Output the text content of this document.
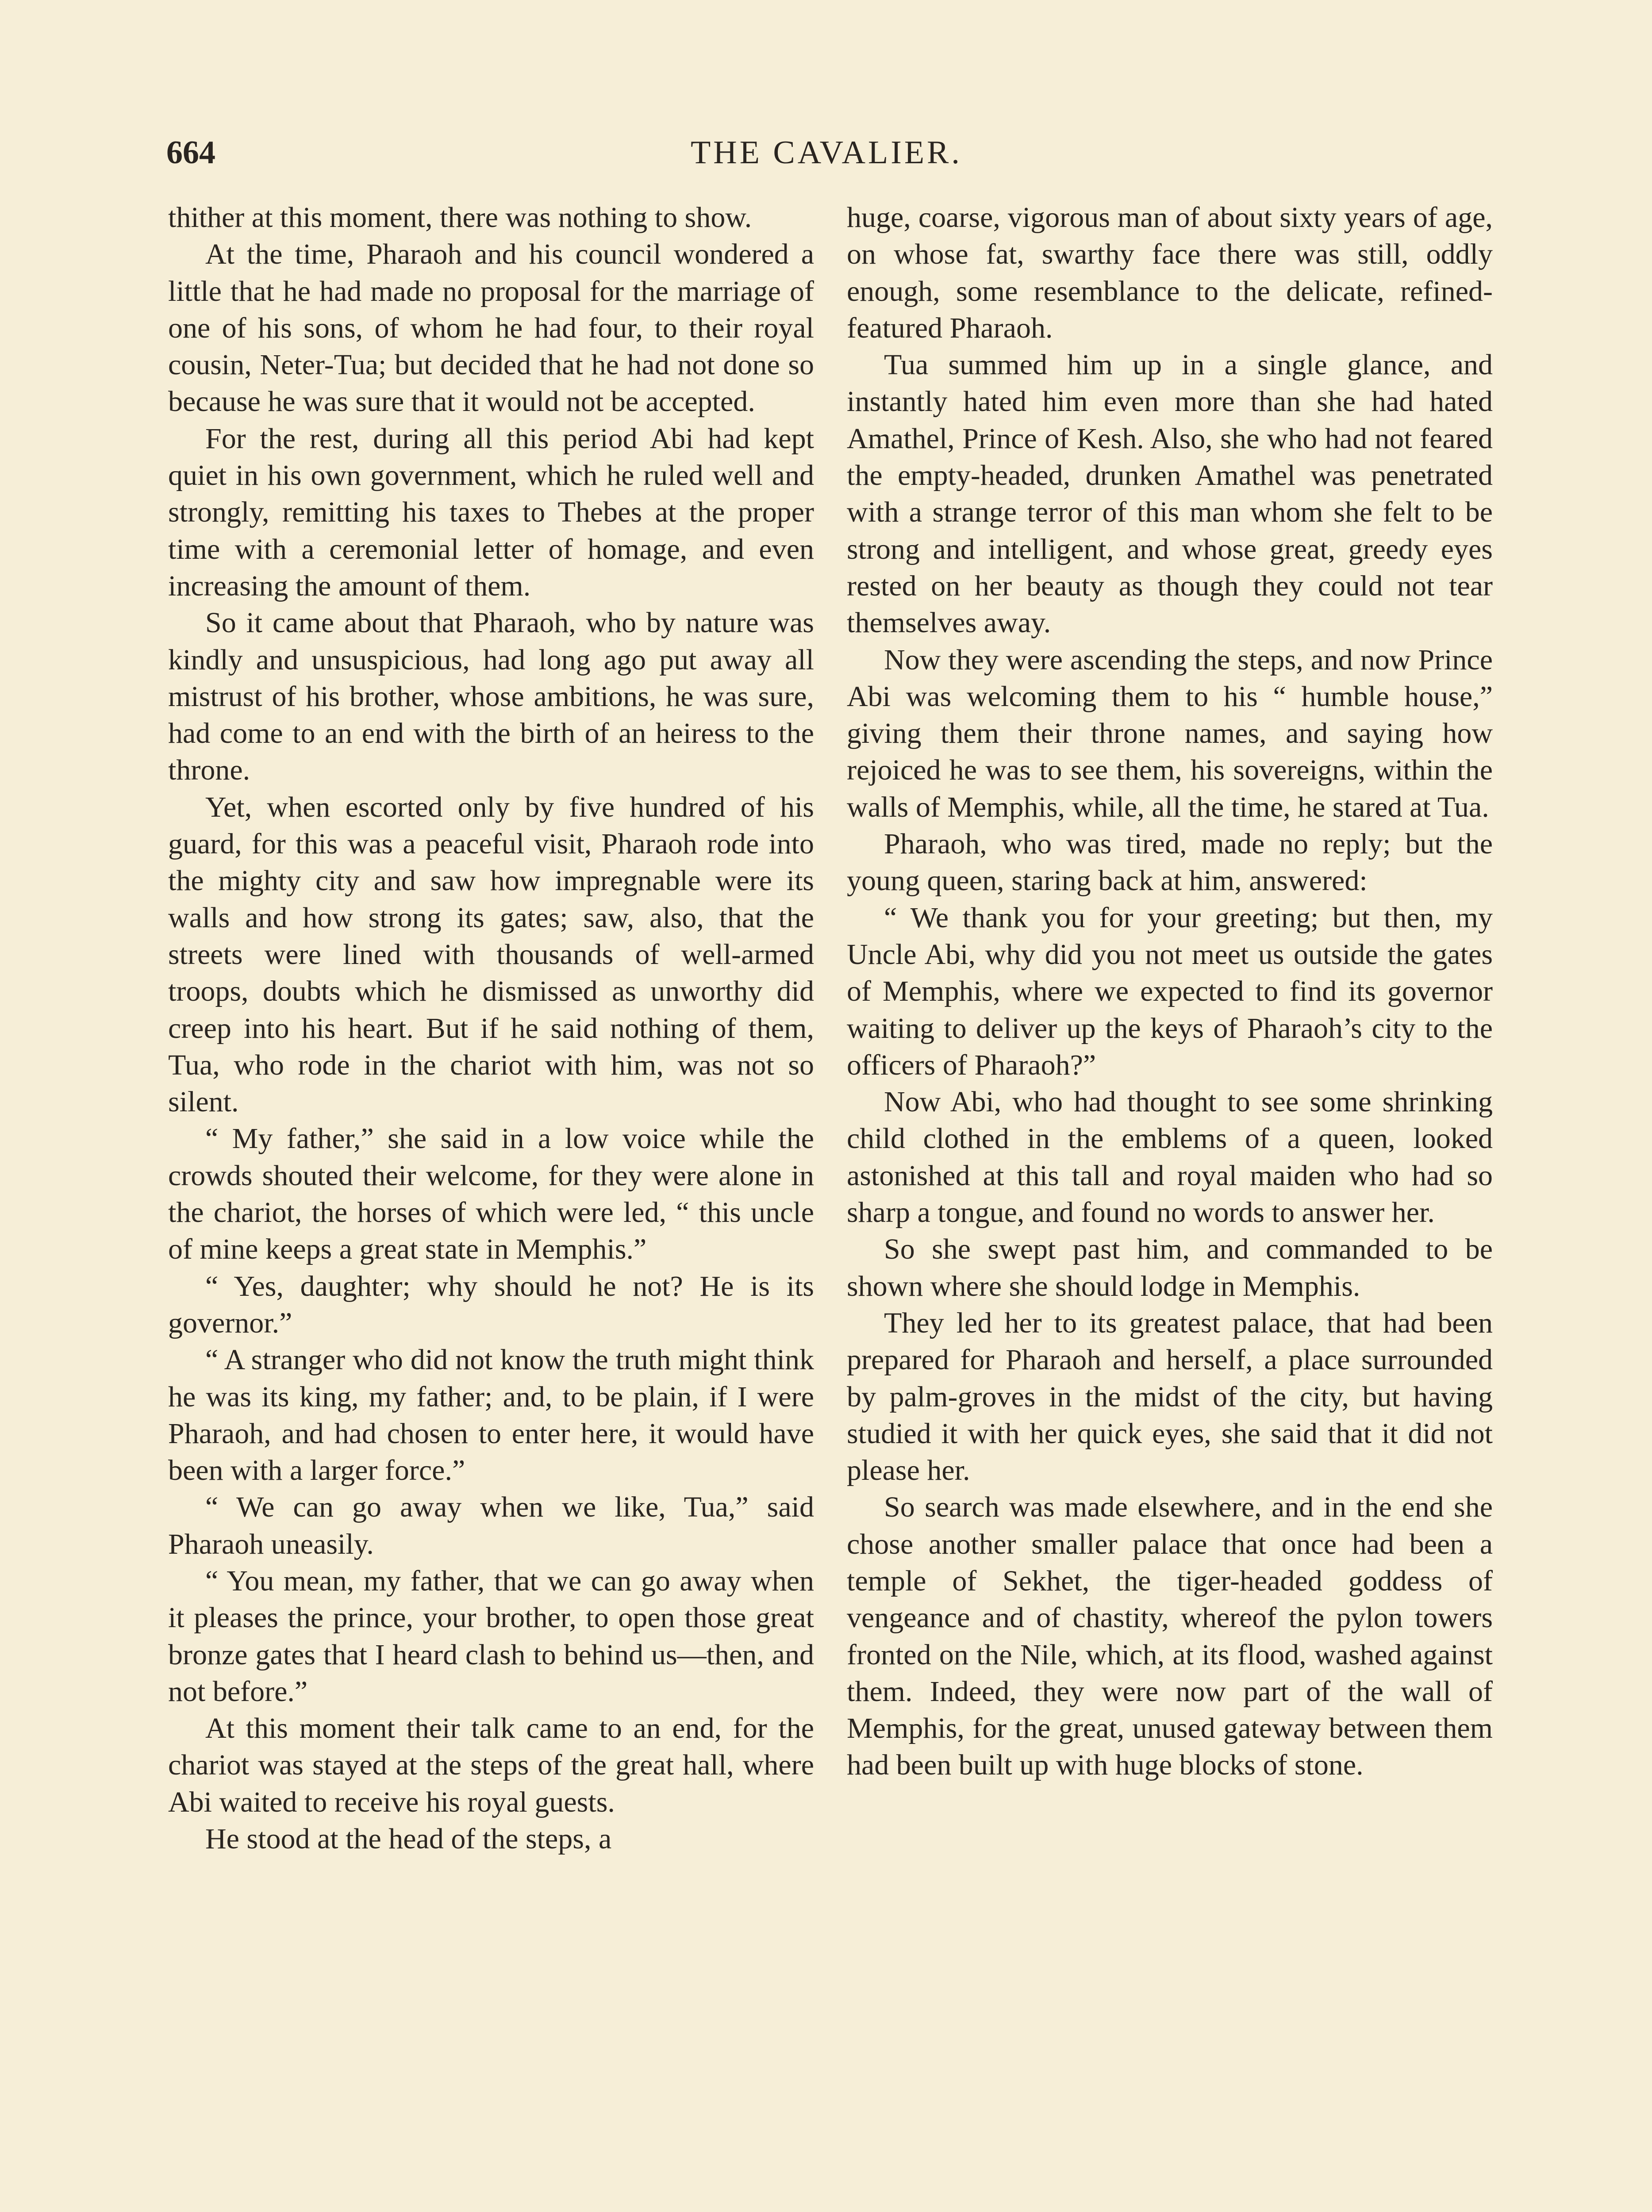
664	THE CAVALIER.

thither at this moment, there was nothing to show.

At the time, Pharaoh and his council wondered a little that he had made no proposal for the marriage of one of his sons, of whom he had four, to their royal cousin, Neter-Tua; but decided that he had not done so because he was sure that it would not be accepted.

For the rest, during all this period Abi had kept quiet in his own government, which he ruled well and strongly, remitting his taxes to Thebes at the proper time with a ceremonial letter of homage, and even increasing the amount of them.

So it came about that Pharaoh, who by nature was kindly and unsuspicious, had long ago put away all mistrust of his brother, whose ambitions, he was sure, had come to an end with the birth of an heiress to the throne.

Yet, when escorted only by five hundred of his guard, for this was a peaceful visit, Pharaoh rode into the mighty city and saw how impregnable were its walls and how strong its gates; saw, also, that the streets were lined with thousands of well-armed troops, doubts which he dismissed as unworthy did creep into his heart. But if he said nothing of them, Tua, who rode in the chariot with him, was not so silent.

“ My father,” she said in a low voice while the crowds shouted their welcome, for they were alone in the chariot, the horses of which were led, “ this uncle of mine keeps a great state in Memphis.”

“ Yes, daughter; why should he not? He is its governor.”

“ A stranger who did not know the truth might think he was its king, my father; and, to be plain, if I were Pharaoh, and had chosen to enter here, it would have been with a larger force.”

“ We can go away when we like, Tua,” said Pharaoh uneasily.

“ You mean, my father, that we can go away when it pleases the prince, your brother, to open those great bronze gates that I heard clash to behind us—then, and not before.”

At this moment their talk came to an end, for the chariot was stayed at the steps of the great hall, where Abi waited to receive his royal guests.

He stood at the head of the steps, a

huge, coarse, vigorous man of about sixty years of age, on whose fat, swarthy face there was still, oddly enough, some resemblance to the delicate, refined-featured Pharaoh.

Tua summed him up in a single glance, and instantly hated him even more than she had hated Amathel, Prince of Kesh. Also, she who had not feared the empty-headed, drunken Amathel was penetrated with a strange terror of this man whom she felt to be strong and intelligent, and whose great, greedy eyes rested on her beauty as though they could not tear themselves away.

Now they were ascending the steps, and now Prince Abi was welcoming them to his “ humble house,” giving them their throne names, and saying how rejoiced he was to see them, his sovereigns, within the walls of Memphis, while, all the time, he stared at Tua.

Pharaoh, who was tired, made no reply; but the young queen, staring back at him, answered:

“ We thank you for your greeting; but then, my Uncle Abi, why did you not meet us outside the gates of Memphis, where we expected to find its governor waiting to deliver up the keys of Pharaoh’s city to the officers of Pharaoh?”

Now Abi, who had thought to see some shrinking child clothed in the emblems of a queen, looked astonished at this tall and royal maiden who had so sharp a tongue, and found no words to answer her.

So she swept past him, and commanded to be shown where she should lodge in Memphis.

They led her to its greatest palace, that had been prepared for Pharaoh and herself, a place surrounded by palm-groves in the midst of the city, but having studied it with her quick eyes, she said that it did not please her.

So search was made elsewhere, and in the end she chose another smaller palace that once had been a temple of Sekhet, the tiger-headed goddess of vengeance and of chastity, whereof the pylon towers fronted on the Nile, which, at its flood, washed against them. Indeed, they were now part of the wall of Memphis, for the great, unused gateway between them had been built up with huge blocks of stone.
